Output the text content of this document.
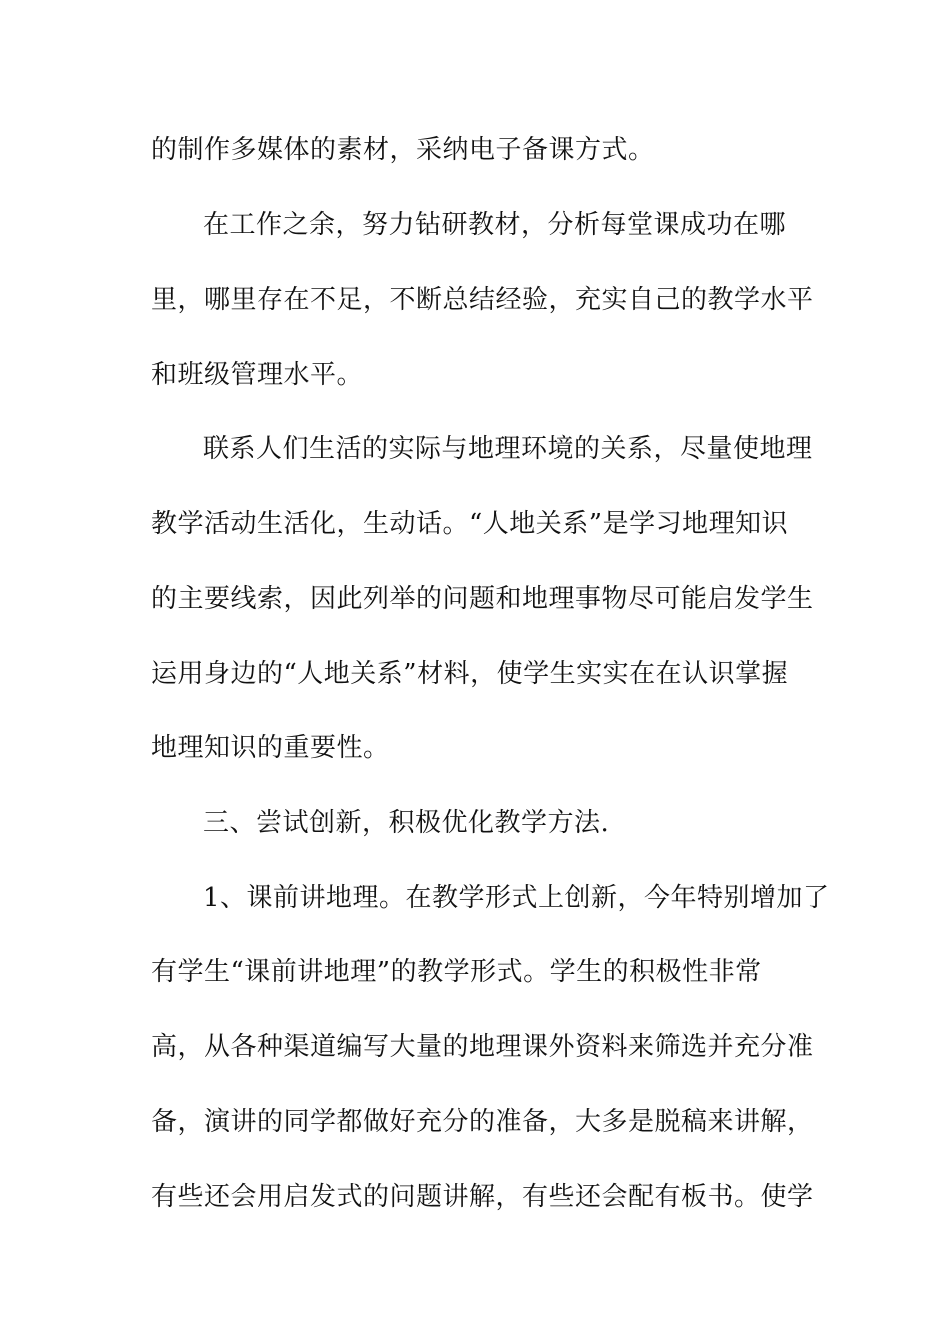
的制作多媒体的素材，采纳电子备课方式。
在工作之余，努力钻研教材，分析每堂课成功在哪
里，哪里存在不足，不断总结经验，充实自己的教学水平
和班级管理水平。
联系人们生活的实际与地理环境的关系，尽量使地理
教学活动生活化，生动话。“人地关系”是学习地理知识
的主要线索，因此列举的问题和地理事物尽可能启发学生
运用身边的“人地关系”材料，使学生实实在在认识掌握
地理知识的重要性。
三、尝试创新，积极优化教学方法.
1、课前讲地理。在教学形式上创新，今年特别增加了
有学生“课前讲地理”的教学形式。学生的积极性非常
高，从各种渠道编写大量的地理课外资料来筛选并充分准
备，演讲的同学都做好充分的准备，大多是脱稿来讲解，
有些还会用启发式的问题讲解，有些还会配有板书。使学
